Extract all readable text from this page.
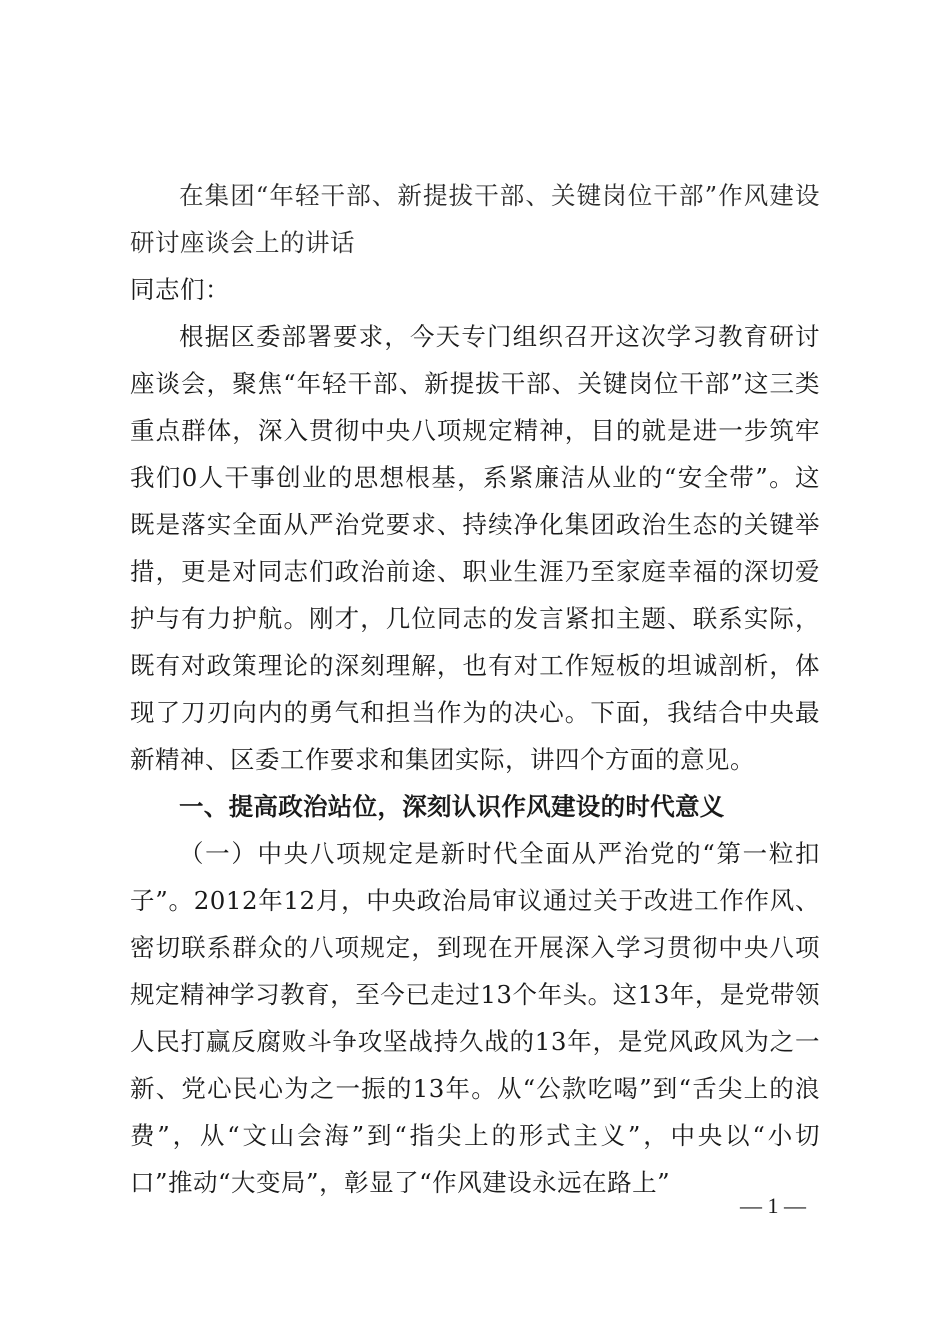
在集团“年轻干部、新提拔干部、关键岗位干部”作风建设研讨座谈会上的讲话

同志们：

根据区委部署要求，今天专门组织召开这次学习教育研讨座谈会，聚焦“年轻干部、新提拔干部、关键岗位干部”这三类重点群体，深入贯彻中央八项规定精神，目的就是进一步筑牢我们0人干事创业的思想根基，系紧廉洁从业的“安全带”。这既是落实全面从严治党要求、持续净化集团政治生态的关键举措，更是对同志们政治前途、职业生涯乃至家庭幸福的深切爱护与有力护航。刚才，几位同志的发言紧扣主题、联系实际，既有对政策理论的深刻理解，也有对工作短板的坦诚剖析，体现了刀刃向内的勇气和担当作为的决心。下面，我结合中央最新精神、区委工作要求和集团实际，讲四个方面的意见。

一、提高政治站位，深刻认识作风建设的时代意义

（一）中央八项规定是新时代全面从严治党的“第一粒扣子”。2012年12月，中央政治局审议通过关于改进工作作风、密切联系群众的八项规定，到现在开展深入学习贯彻中央八项规定精神学习教育，至今已走过13个年头。这13年，是党带领人民打赢反腐败斗争攻坚战持久战的13年，是党风政风为之一新、党心民心为之一振的13年。从“公款吃喝”到“舌尖上的浪费”，从“文山会海”到“指尖上的形式主义”，中央以“小切口”推动“大变局”，彰显了“作风建设永远在路上”

— 1 —
